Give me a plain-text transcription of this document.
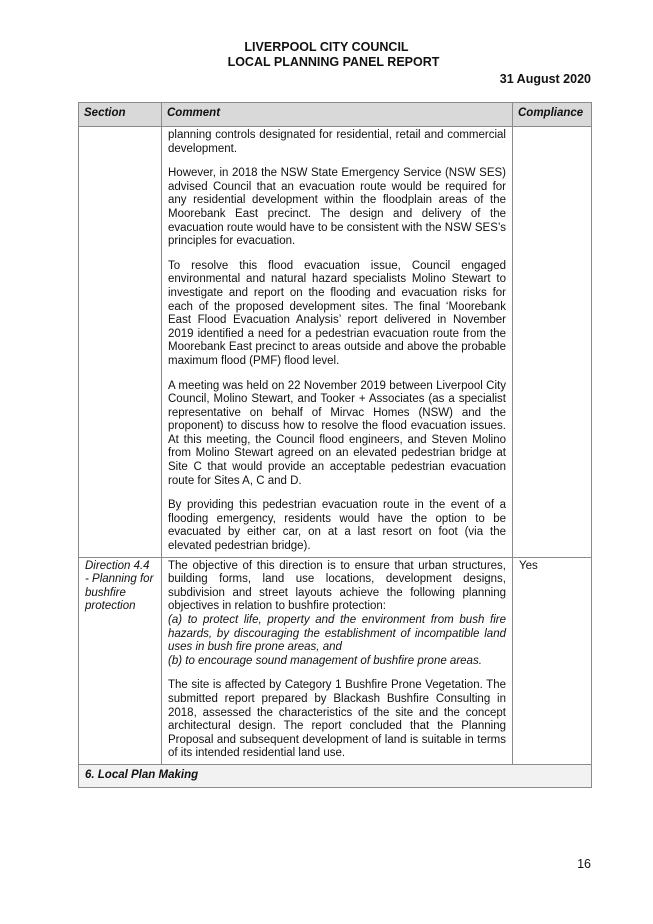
LIVERPOOL CITY COUNCIL
LOCAL PLANNING PANEL REPORT
31 August 2020
Section	Comment	Compliance

	planning controls designated for residential, retail and commercial development.

However, in 2018 the NSW State Emergency Service (NSW SES) advised Council that an evacuation route would be required for any residential development within the floodplain areas of the Moorebank East precinct. The design and delivery of the evacuation route would have to be consistent with the NSW SES’s principles for evacuation.

To resolve this flood evacuation issue, Council engaged environmental and natural hazard specialists Molino Stewart to investigate and report on the flooding and evacuation risks for each of the proposed development sites. The final ‘Moorebank East Flood Evacuation Analysis’ report delivered in November 2019 identified a need for a pedestrian evacuation route from the Moorebank East precinct to areas outside and above the probable maximum flood (PMF) flood level.

A meeting was held on 22 November 2019 between Liverpool City Council, Molino Stewart, and Tooker + Associates (as a specialist representative on behalf of Mirvac Homes (NSW) and the proponent) to discuss how to resolve the flood evacuation issues. At this meeting, the Council flood engineers, and Steven Molino from Molino Stewart agreed on an elevated pedestrian bridge at Site C that would provide an acceptable pedestrian evacuation route for Sites A, C and D.

By providing this pedestrian evacuation route in the event of a flooding emergency, residents would have the option to be evacuated by either car, on at a last resort on foot (via the elevated pedestrian bridge).	

Direction 4.4 - Planning for bushfire protection	The objective of this direction is to ensure that urban structures, building forms, land use locations, development designs, subdivision and street layouts achieve the following planning objectives in relation to bushfire protection:

(a) to protect life, property and the environment from bush fire hazards, by discouraging the establishment of incompatible land uses in bush fire prone areas, and

(b) to encourage sound management of bushfire prone areas.

The site is affected by Category 1 Bushfire Prone Vegetation. The submitted report prepared by Blackash Bushfire Consulting in 2018, assessed the characteristics of the site and the concept architectural design. The report concluded that the Planning Proposal and subsequent development of land is suitable in terms of its intended residential land use.	Yes
6. Local Plan Making		
16
